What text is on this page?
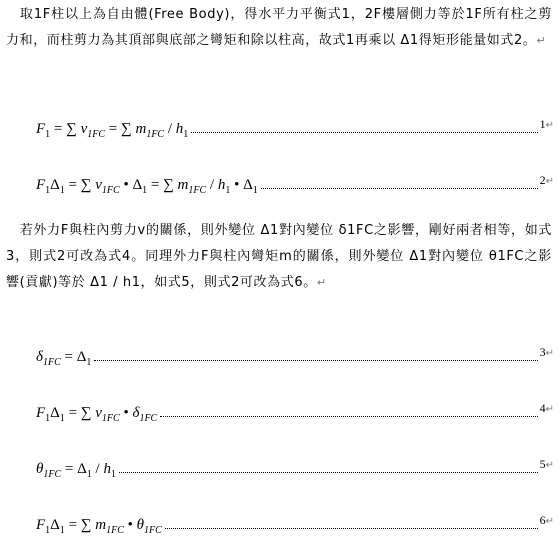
　取1F柱以上為自由體(Free Body)，得水平力平衡式1，2F樓層側力等於1F所有柱之剪力和，而柱剪力為其頂部與底部之彎矩和除以柱高，故式1再乘以 Δ1得矩形能量如式2。↵
$F_1$ = ∑ $v_{1FC}$ = ∑ $m_{1FC} / h_1$
1↵
$F_1\Delta_1$ = ∑ $v_{1FC}$ • $\Delta_1$ = ∑ $m_{1FC} / h_1$ • $\Delta_1$
2↵
　若外力F與柱內剪力v的關係，則外變位 Δ1對內變位 δ1FC之影響，剛好兩者相等，如式3，則式2可改為式4。同理外力F與柱內彎矩m的關係，則外變位 Δ1對內變位 θ1FC之影響(貢獻)等於 Δ1 / h1，如式5，則式2可改為式6。↵
$\delta_{1FC} = \Delta_1$
3↵
$F_1\Delta_1$ = ∑ $v_{1FC}$ • $\delta_{1FC}$
4↵
$\theta_{1FC} = \Delta_1 / h_1$
5↵
$F_1\Delta_1$ = ∑ $m_{1FC}$ • $\theta_{1FC}$
6↵
